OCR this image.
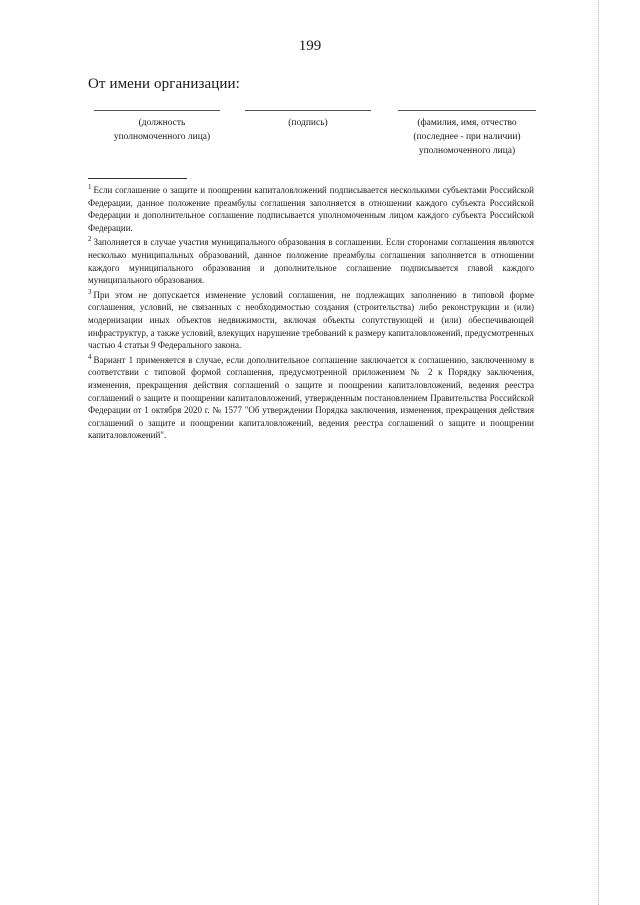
199
От имени организации:
(должность
уполномоченного лица)
(подпись)	(фамилия, имя, отчество
(последнее - при наличии)
уполномоченного лица)

$^1$ Если соглашение о защите и поощрении капиталовложений подписывается несколькими субъектами Российской Федерации, данное положение преамбулы соглашения заполняется в отношении каждого субъекта Российской Федерации и дополнительное соглашение подписывается уполномоченным лицом каждого субъекта Российской Федерации.

$^2$ Заполняется в случае участия муниципального образования в соглашении. Если сторонами соглашения являются несколько муниципальных образований, данное положение преамбулы соглашения заполняется в отношении каждого муниципального образования и дополнительное соглашение подписывается главой каждого муниципального образования.

$^3$ При этом не допускается изменение условий соглашения, не подлежащих заполнению в типовой форме соглашения, условий, не связанных с необходимостью создания (строительства) либо реконструкции и (или) модернизации иных объектов недвижимости, включая объекты сопутствующей и (или) обеспечивающей инфраструктур, а также условий, влекущих нарушение требований к размеру капиталовложений, предусмотренных частью 4 статьи 9 Федерального закона.

$^4$ Вариант 1 применяется в случае, если дополнительное соглашение заключается к соглашению, заключенному в соответствии с типовой формой соглашения, предусмотренной приложением № 2 к Порядку заключения, изменения, прекращения действия соглашений о защите и поощрении капиталовложений, ведения реестра соглашений о защите и поощрении капиталовложений, утвержденным постановлением Правительства Российской Федерации от 1 октября 2020 г. № 1577 "Об утверждении Порядка заключения, изменения, прекращения действия соглашений о защите и поощрении капиталовложений, ведения реестра соглашений о защите и поощрении капиталовложений".
